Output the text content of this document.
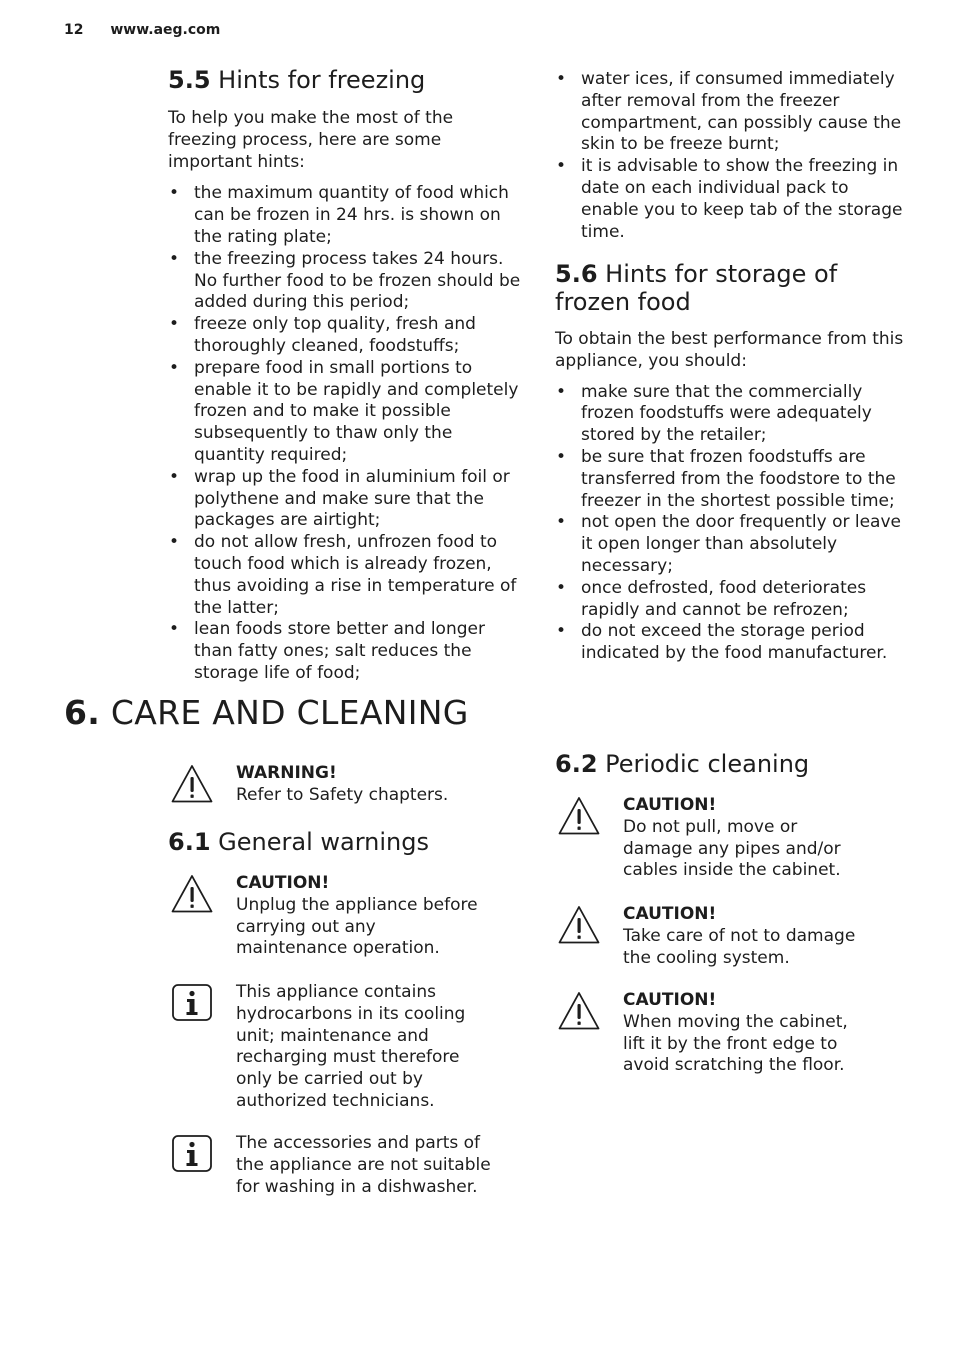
12 www.aeg.com
5.5 Hints for freezing

To help you make the most of the freezing process, here are some important hints:

• the maximum quantity of food which can be frozen in 24 hrs. is shown on the rating plate;
• the freezing process takes 24 hours. No further food to be frozen should be added during this period;
• freeze only top quality, fresh and thoroughly cleaned, foodstuffs;
• prepare food in small portions to enable it to be rapidly and completely frozen and to make it possible subsequently to thaw only the quantity required;
• wrap up the food in aluminium foil or polythene and make sure that the packages are airtight;
• do not allow fresh, unfrozen food to touch food which is already frozen, thus avoiding a rise in temperature of the latter;
• lean foods store better and longer than fatty ones; salt reduces the storage life of food;
• water ices, if consumed immediately after removal from the freezer compartment, can possibly cause the skin to be freeze burnt;
• it is advisable to show the freezing in date on each individual pack to enable you to keep tab of the storage time.
5.6 Hints for storage of frozen food

To obtain the best performance from this appliance, you should:

• make sure that the commercially frozen foodstuffs were adequately stored by the retailer;
• be sure that frozen foodstuffs are transferred from the foodstore to the freezer in the shortest possible time;
• not open the door frequently or leave it open longer than absolutely necessary;
• once defrosted, food deteriorates rapidly and cannot be refrozen;
• do not exceed the storage period indicated by the food manufacturer.
6. CARE AND CLEANING
WARNING!
Refer to Safety chapters.
6.1 General warnings
CAUTION!
Unplug the appliance before carrying out any maintenance operation.
This appliance contains hydrocarbons in its cooling unit; maintenance and recharging must therefore only be carried out by authorized technicians.
The accessories and parts of the appliance are not suitable for washing in a dishwasher.
6.2 Periodic cleaning
CAUTION!
Do not pull, move or damage any pipes and/or cables inside the cabinet.
CAUTION!
Take care of not to damage the cooling system.
CAUTION!
When moving the cabinet, lift it by the front edge to avoid scratching the floor.
